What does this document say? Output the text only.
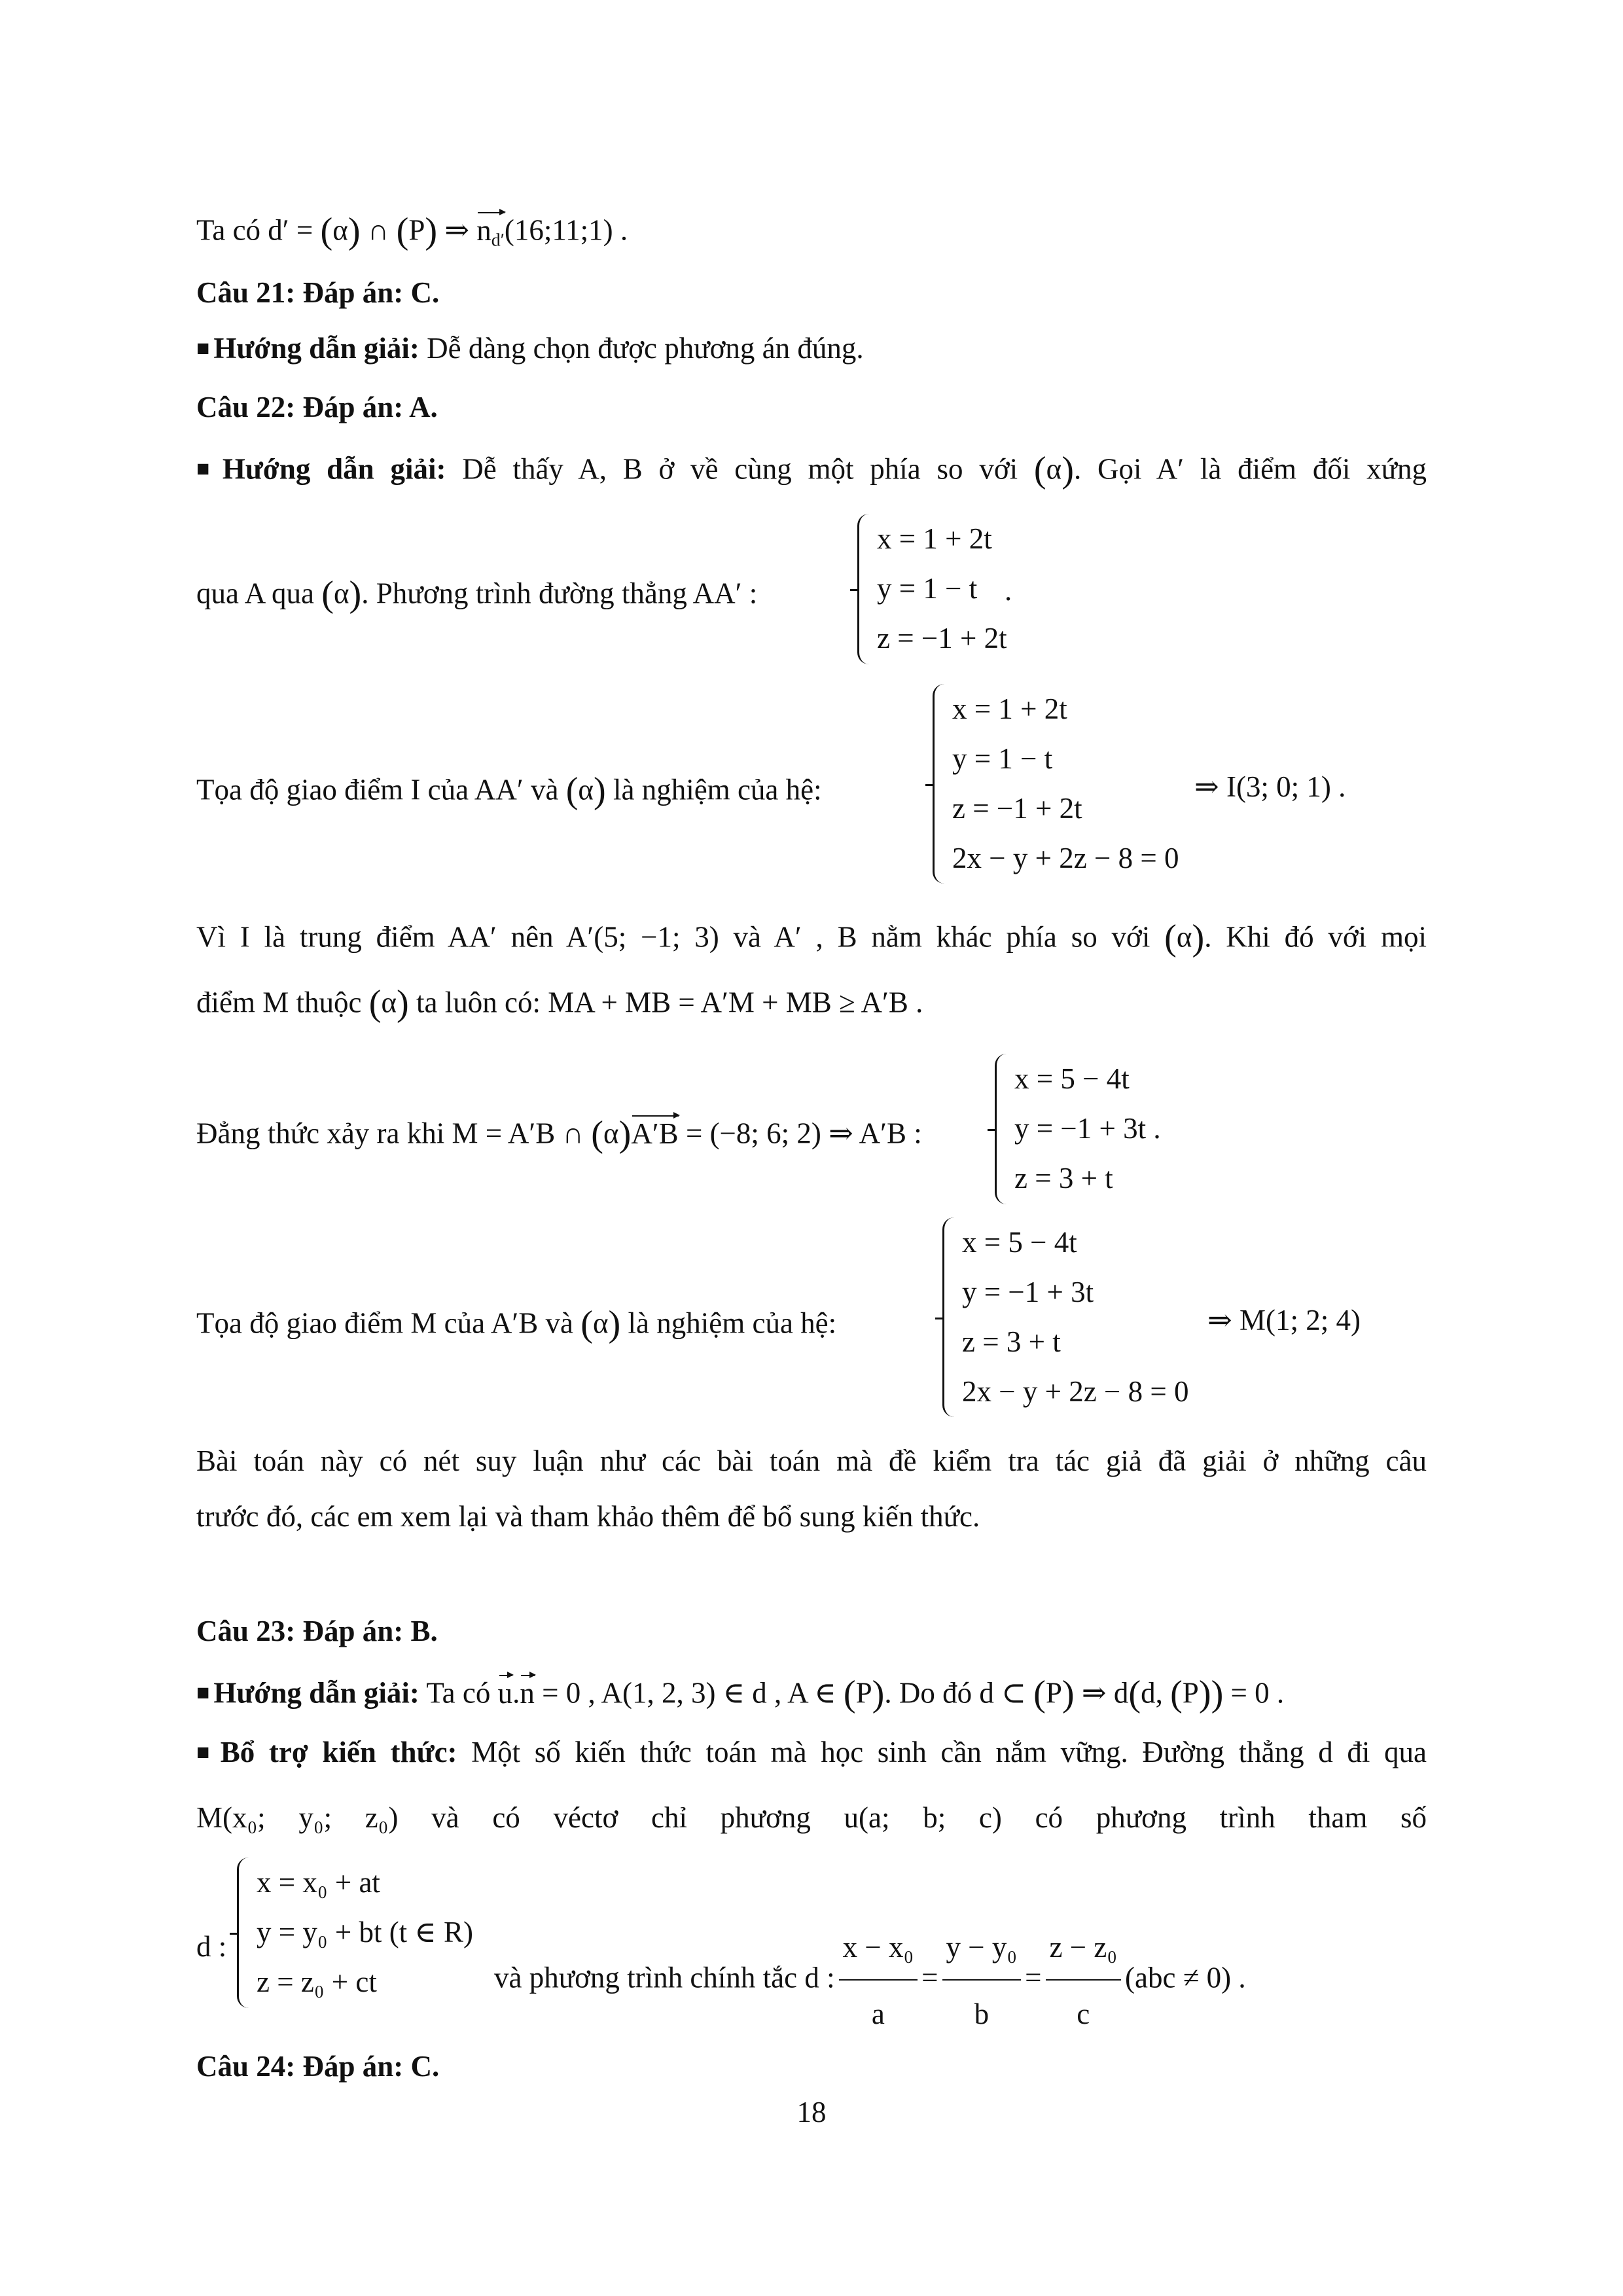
Ta có d′ = (α) ∩ (P) ⇒ $n_{d'}(16;11;1)$ .
Câu 21: Đáp án: C.
■ Hướng dẫn giải: Dễ dàng chọn được phương án đúng.
Câu 22: Đáp án: A.
■ Hướng dẫn giải: Dễ thấy A, B ở về cùng một phía so với (α). Gọi A′ là điểm đối xứng
qua A qua (α). Phương trình đường thẳng AA′ :
x = 1 + 2t
y = 1 − t
z = −1 + 2t
.
Tọa độ giao điểm I của AA′ và (α) là nghiệm của hệ:
x = 1 + 2t
y = 1 − t
z = −1 + 2t
2x − y + 2z − 8 = 0
⇒ I(3; 0; 1) .
Vì I là trung điểm AA′ nên A′(5; −1; 3) và A′ , B nằm khác phía so với (α). Khi đó với mọi
điểm M thuộc (α) ta luôn có: MA + MB = A′M + MB ≥ A′B .
Đẳng thức xảy ra khi M = A′B ∩ (α)A′B = (−8; 6; 2) ⇒ A′B :
x = 5 − 4t
y = −1 + 3t .
z = 3 + t
Tọa độ giao điểm M của A′B và (α) là nghiệm của hệ:
x = 5 − 4t
y = −1 + 3t
z = 3 + t
2x − y + 2z − 8 = 0
⇒ M(1; 2; 4)
Bài toán này có nét suy luận như các bài toán mà đề kiểm tra tác giả đã giải ở những câu
trước đó, các em xem lại và tham khảo thêm để bổ sung kiến thức.
Câu 23: Đáp án: B.
■ Hướng dẫn giải: Ta có u.n = 0 , A(1, 2, 3) ∈ d , A ∈ (P). Do đó d ⊂ (P) ⇒ d(d, (P)) = 0 .
■ Bổ trợ kiến thức: Một số kiến thức toán mà học sinh cần nắm vững. Đường thẳng d đi qua
M(x₀; y₀; z₀) và có véctơ chỉ phương u(a; b; c) có phương trình tham số
d :
x = x₀ + at
y = y₀ + bt (t ∈ R)
z = z₀ + ct	và phương trình chính tắc d : $\frac{\text{x − x₀}}{a} = \frac{\text{y − y₀}}{b} = \frac{\text{z − z₀}}{c} (abc \ne 0)$ .
Câu 24: Đáp án: C.
18
